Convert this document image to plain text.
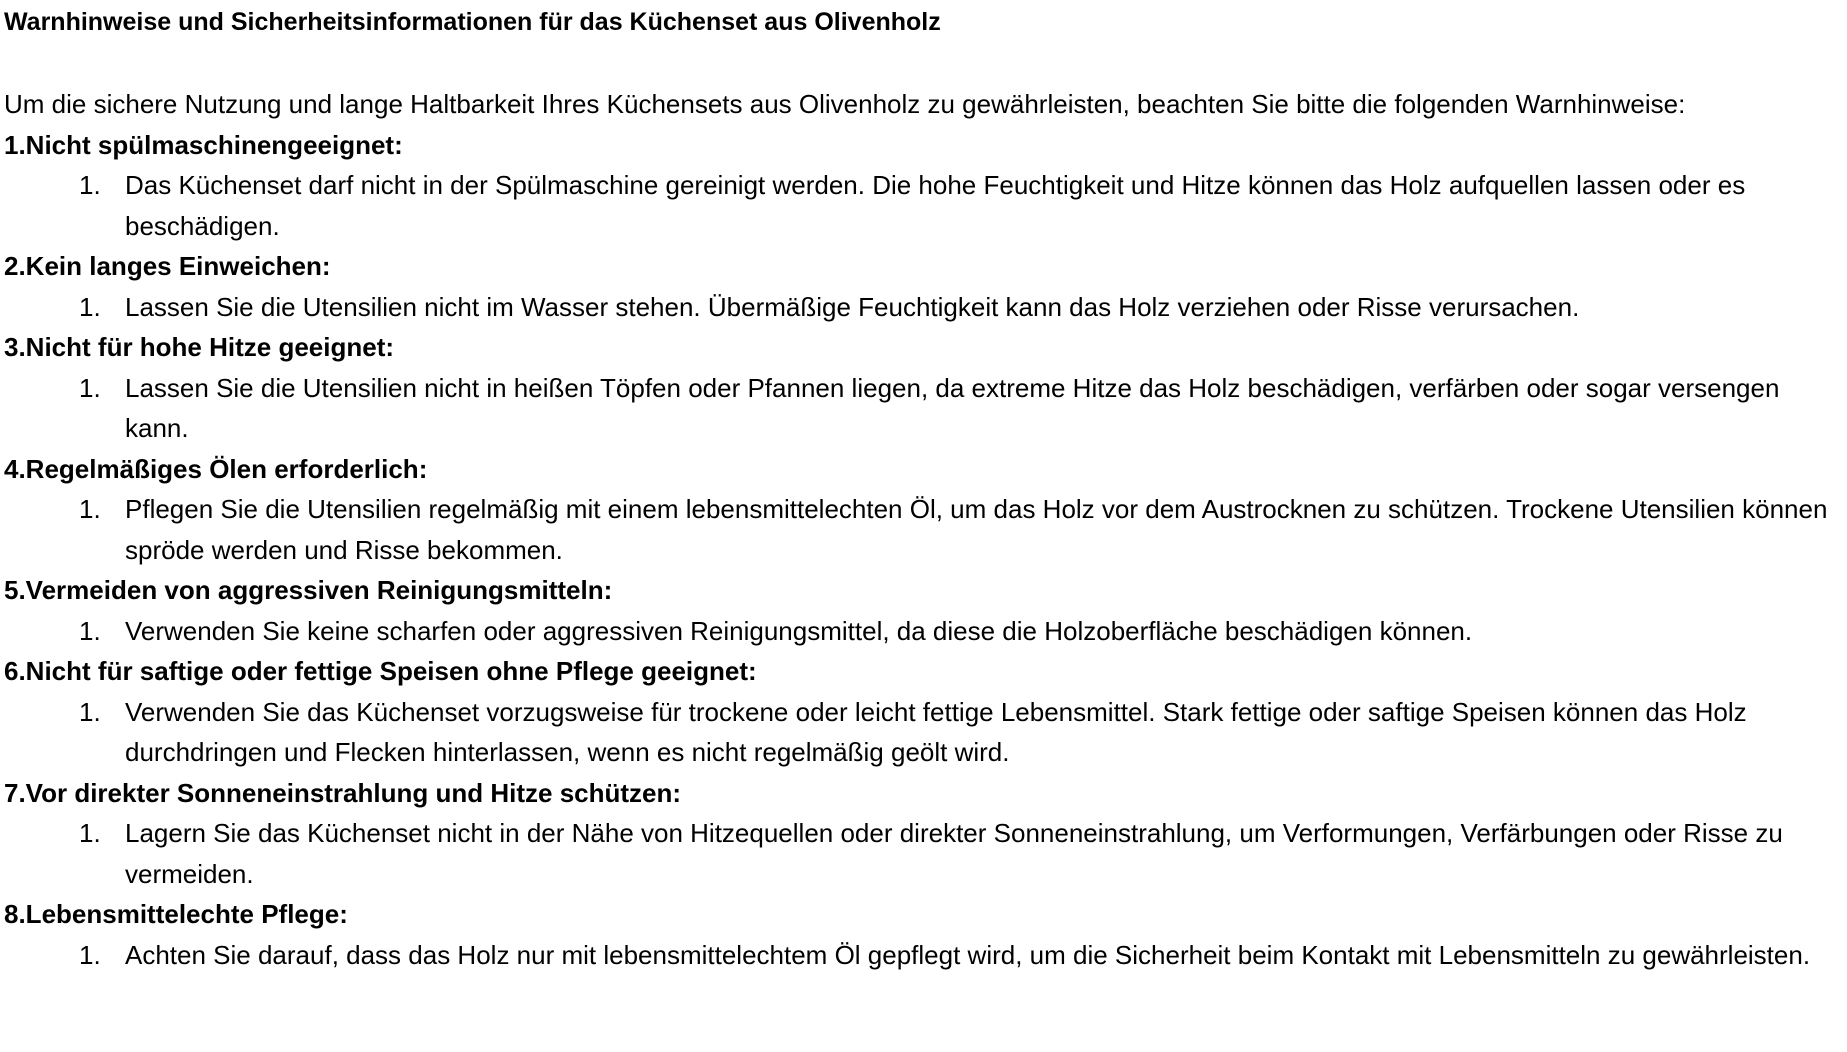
Warnhinweise und Sicherheitsinformationen für das Küchenset aus Olivenholz

Um die sichere Nutzung und lange Haltbarkeit Ihres Küchensets aus Olivenholz zu gewährleisten, beachten Sie bitte die folgenden Warnhinweise:

1.Nicht spülmaschinengeeignet:

1. Das Küchenset darf nicht in der Spülmaschine gereinigt werden. Die hohe Feuchtigkeit und Hitze können das Holz aufquellen lassen oder es beschädigen.

2.Kein langes Einweichen:

1. Lassen Sie die Utensilien nicht im Wasser stehen. Übermäßige Feuchtigkeit kann das Holz verziehen oder Risse verursachen.

3.Nicht für hohe Hitze geeignet:

1. Lassen Sie die Utensilien nicht in heißen Töpfen oder Pfannen liegen, da extreme Hitze das Holz beschädigen, verfärben oder sogar versengen kann.

4.Regelmäßiges Ölen erforderlich:

1. Pflegen Sie die Utensilien regelmäßig mit einem lebensmittelechten Öl, um das Holz vor dem Austrocknen zu schützen. Trockene Utensilien können spröde werden und Risse bekommen.

5.Vermeiden von aggressiven Reinigungsmitteln:

1. Verwenden Sie keine scharfen oder aggressiven Reinigungsmittel, da diese die Holzoberfläche beschädigen können.

6.Nicht für saftige oder fettige Speisen ohne Pflege geeignet:

1. Verwenden Sie das Küchenset vorzugsweise für trockene oder leicht fettige Lebensmittel. Stark fettige oder saftige Speisen können das Holz durchdringen und Flecken hinterlassen, wenn es nicht regelmäßig geölt wird.

7.Vor direkter Sonneneinstrahlung und Hitze schützen:

1. Lagern Sie das Küchenset nicht in der Nähe von Hitzequellen oder direkter Sonneneinstrahlung, um Verformungen, Verfärbungen oder Risse zu vermeiden.

8.Lebensmittelechte Pflege:

1. Achten Sie darauf, dass das Holz nur mit lebensmittelechtem Öl gepflegt wird, um die Sicherheit beim Kontakt mit Lebensmitteln zu gewährleisten.
